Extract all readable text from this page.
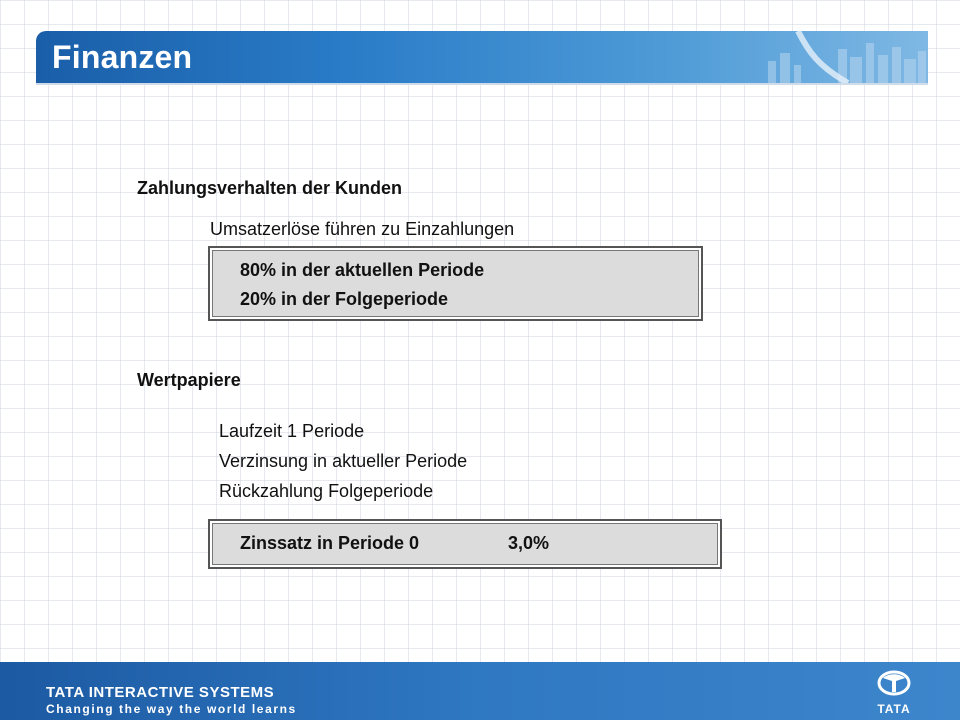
Finanzen
Zahlungsverhalten der Kunden
Umsatzerlöse führen zu Einzahlungen
80% in der aktuellen Periode
20% in der Folgeperiode
Wertpapiere
Laufzeit 1 Periode
Verzinsung in aktueller Periode
Rückzahlung Folgeperiode
Zinssatz in Periode 0	3,0%
TATA INTERACTIVE SYSTEMS
Changing the way the world learns	TATA
